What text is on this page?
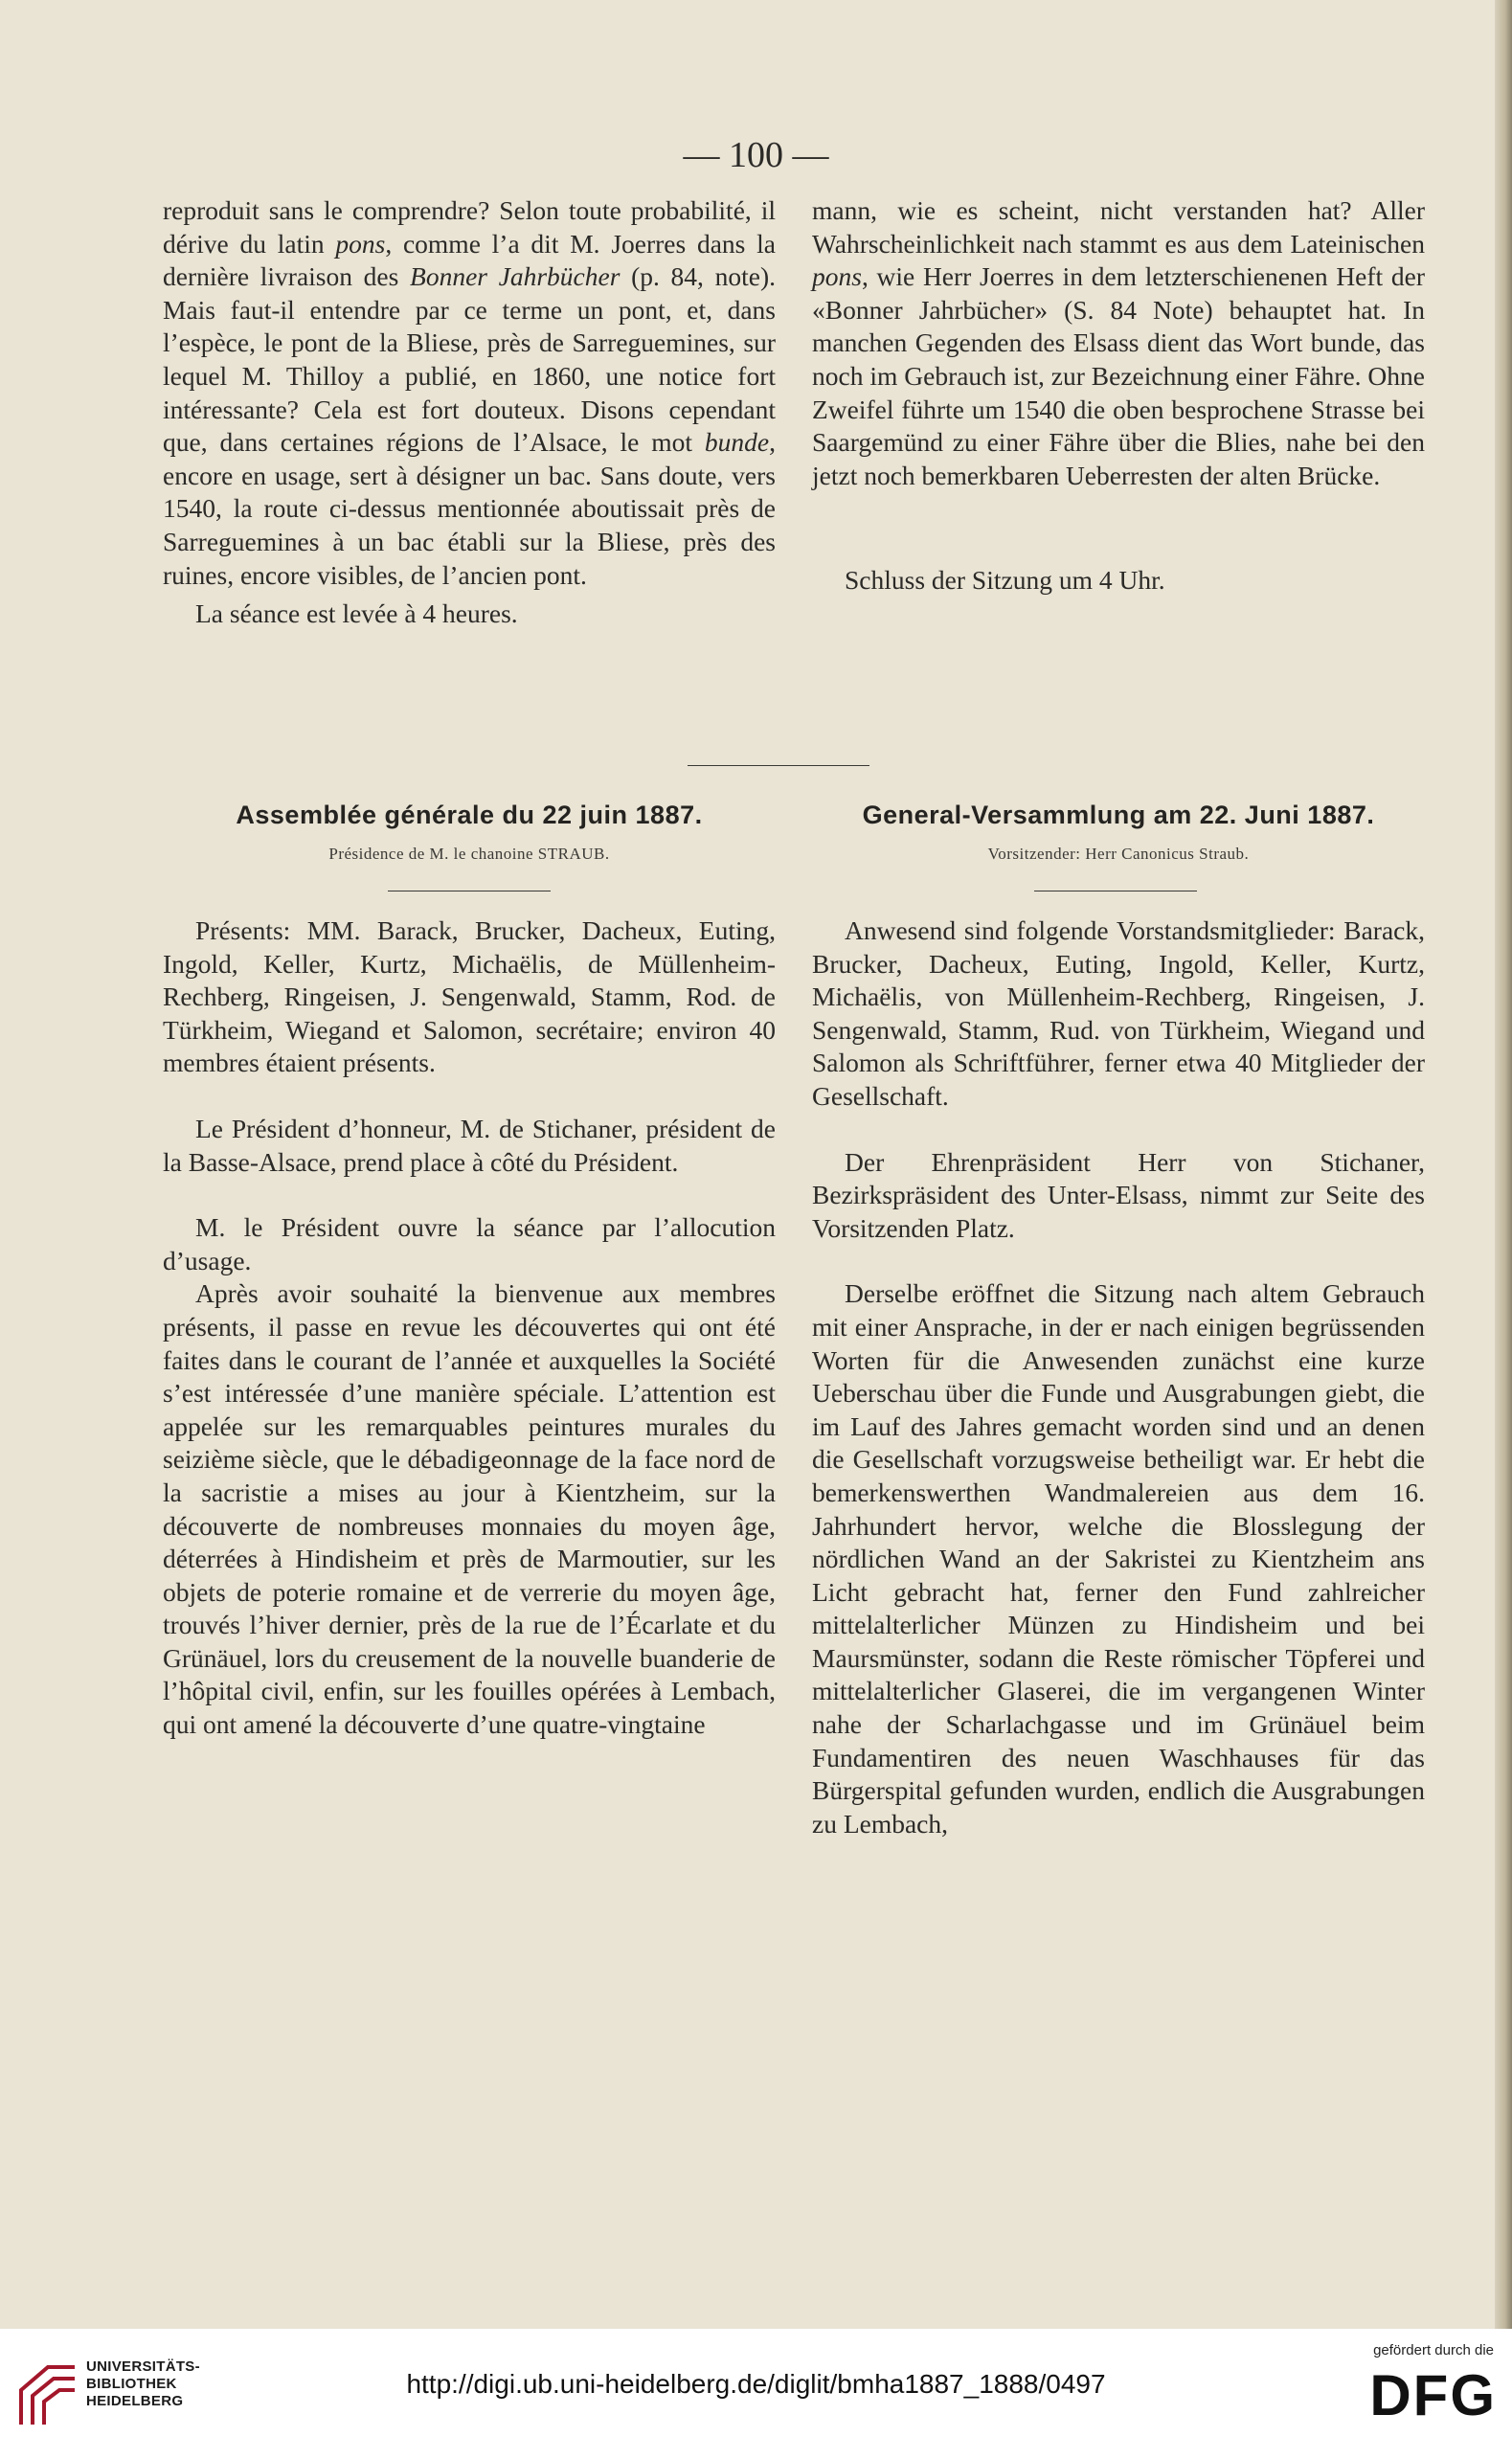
— 100 —

reproduit sans le comprendre? Selon toute probabilité, il dérive du latin pons, comme l’a dit M. Joerres dans la dernière livraison des Bonner Jahrbücher (p. 84, note). Mais faut-il entendre par ce terme un pont, et, dans l’espèce, le pont de la Bliese, près de Sarreguemines, sur lequel M. Thilloy a publié, en 1860, une notice fort intéressante? Cela est fort douteux. Disons cependant que, dans certaines régions de l’Alsace, le mot bunde, encore en usage, sert à désigner un bac. Sans doute, vers 1540, la route ci-dessus mentionnée aboutissait près de Sarreguemines à un bac établi sur la Bliese, près des ruines, encore visibles, de l’ancien pont.

La séance est levée à 4 heures.

mann, wie es scheint, nicht verstanden hat? Aller Wahrscheinlichkeit nach stammt es aus dem Lateinischen pons, wie Herr Joerres in dem letzterschienenen Heft der «Bonner Jahrbücher» (S. 84 Note) behauptet hat. In manchen Gegenden des Elsass dient das Wort bunde, das noch im Gebrauch ist, zur Bezeichnung einer Fähre. Ohne Zweifel führte um 1540 die oben besprochene Strasse bei Saargemünd zu einer Fähre über die Blies, nahe bei den jetzt noch bemerkbaren Ueberresten der alten Brücke.

Schluss der Sitzung um 4 Uhr.

Assemblée générale du 22 juin 1887.
Présidence de M. le chanoine STRAUB.
General-Versammlung am 22. Juni 1887.
Vorsitzender: Herr Canonicus Straub.

Présents: MM. Barack, Brucker, Dacheux, Euting, Ingold, Keller, Kurtz, Michaëlis, de Müllenheim-Rechberg, Ringeisen, J. Sengenwald, Stamm, Rod. de Türkheim, Wiegand et Salomon, secrétaire; environ 40 membres étaient présents.

Le Président d’honneur, M. de Stichaner, président de la Basse-Alsace, prend place à côté du Président.

M. le Président ouvre la séance par l’allocution d’usage.

Après avoir souhaité la bienvenue aux membres présents, il passe en revue les découvertes qui ont été faites dans le courant de l’année et auxquelles la Société s’est intéressée d’une manière spéciale. L’attention est appelée sur les remarquables peintures murales du seizième siècle, que le débadigeonnage de la face nord de la sacristie a mises au jour à Kientzheim, sur la découverte de nombreuses monnaies du moyen âge, déterrées à Hindisheim et près de Marmoutier, sur les objets de poterie romaine et de verrerie du moyen âge, trouvés l’hiver dernier, près de la rue de l’Écarlate et du Grünäuel, lors du creusement de la nouvelle buanderie de l’hôpital civil, enfin, sur les fouilles opérées à Lembach, qui ont amené la découverte d’une quatre-vingtaine

Anwesend sind folgende Vorstandsmitglieder: Barack, Brucker, Dacheux, Euting, Ingold, Keller, Kurtz, Michaëlis, von Müllenheim-Rechberg, Ringeisen, J. Sengenwald, Stamm, Rud. von Türkheim, Wiegand und Salomon als Schriftführer, ferner etwa 40 Mitglieder der Gesellschaft.

Der Ehrenpräsident Herr von Stichaner, Bezirkspräsident des Unter-Elsass, nimmt zur Seite des Vorsitzenden Platz.

Derselbe eröffnet die Sitzung nach altem Gebrauch mit einer Ansprache, in der er nach einigen begrüssenden Worten für die Anwesenden zunächst eine kurze Ueberschau über die Funde und Ausgrabungen giebt, die im Lauf des Jahres gemacht worden sind und an denen die Gesellschaft vorzugsweise betheiligt war. Er hebt die bemerkenswerthen Wandmalereien aus dem 16. Jahrhundert hervor, welche die Blosslegung der nördlichen Wand an der Sakristei zu Kientzheim ans Licht gebracht hat, ferner den Fund zahlreicher mittelalterlicher Münzen zu Hindisheim und bei Maursmünster, sodann die Reste römischer Töpferei und mittelalterlicher Glaserei, die im vergangenen Winter nahe der Scharlachgasse und im Grünäuel beim Fundamentiren des neuen Waschhauses für das Bürgerspital gefunden wurden, endlich die Ausgrabungen zu Lembach,

UNIVERSITÄTS-
BIBLIOTHEK
HEIDELBERG
http://digi.ub.uni-heidelberg.de/diglit/bmha1887_1888/0497
gefördert durch die
DFG
